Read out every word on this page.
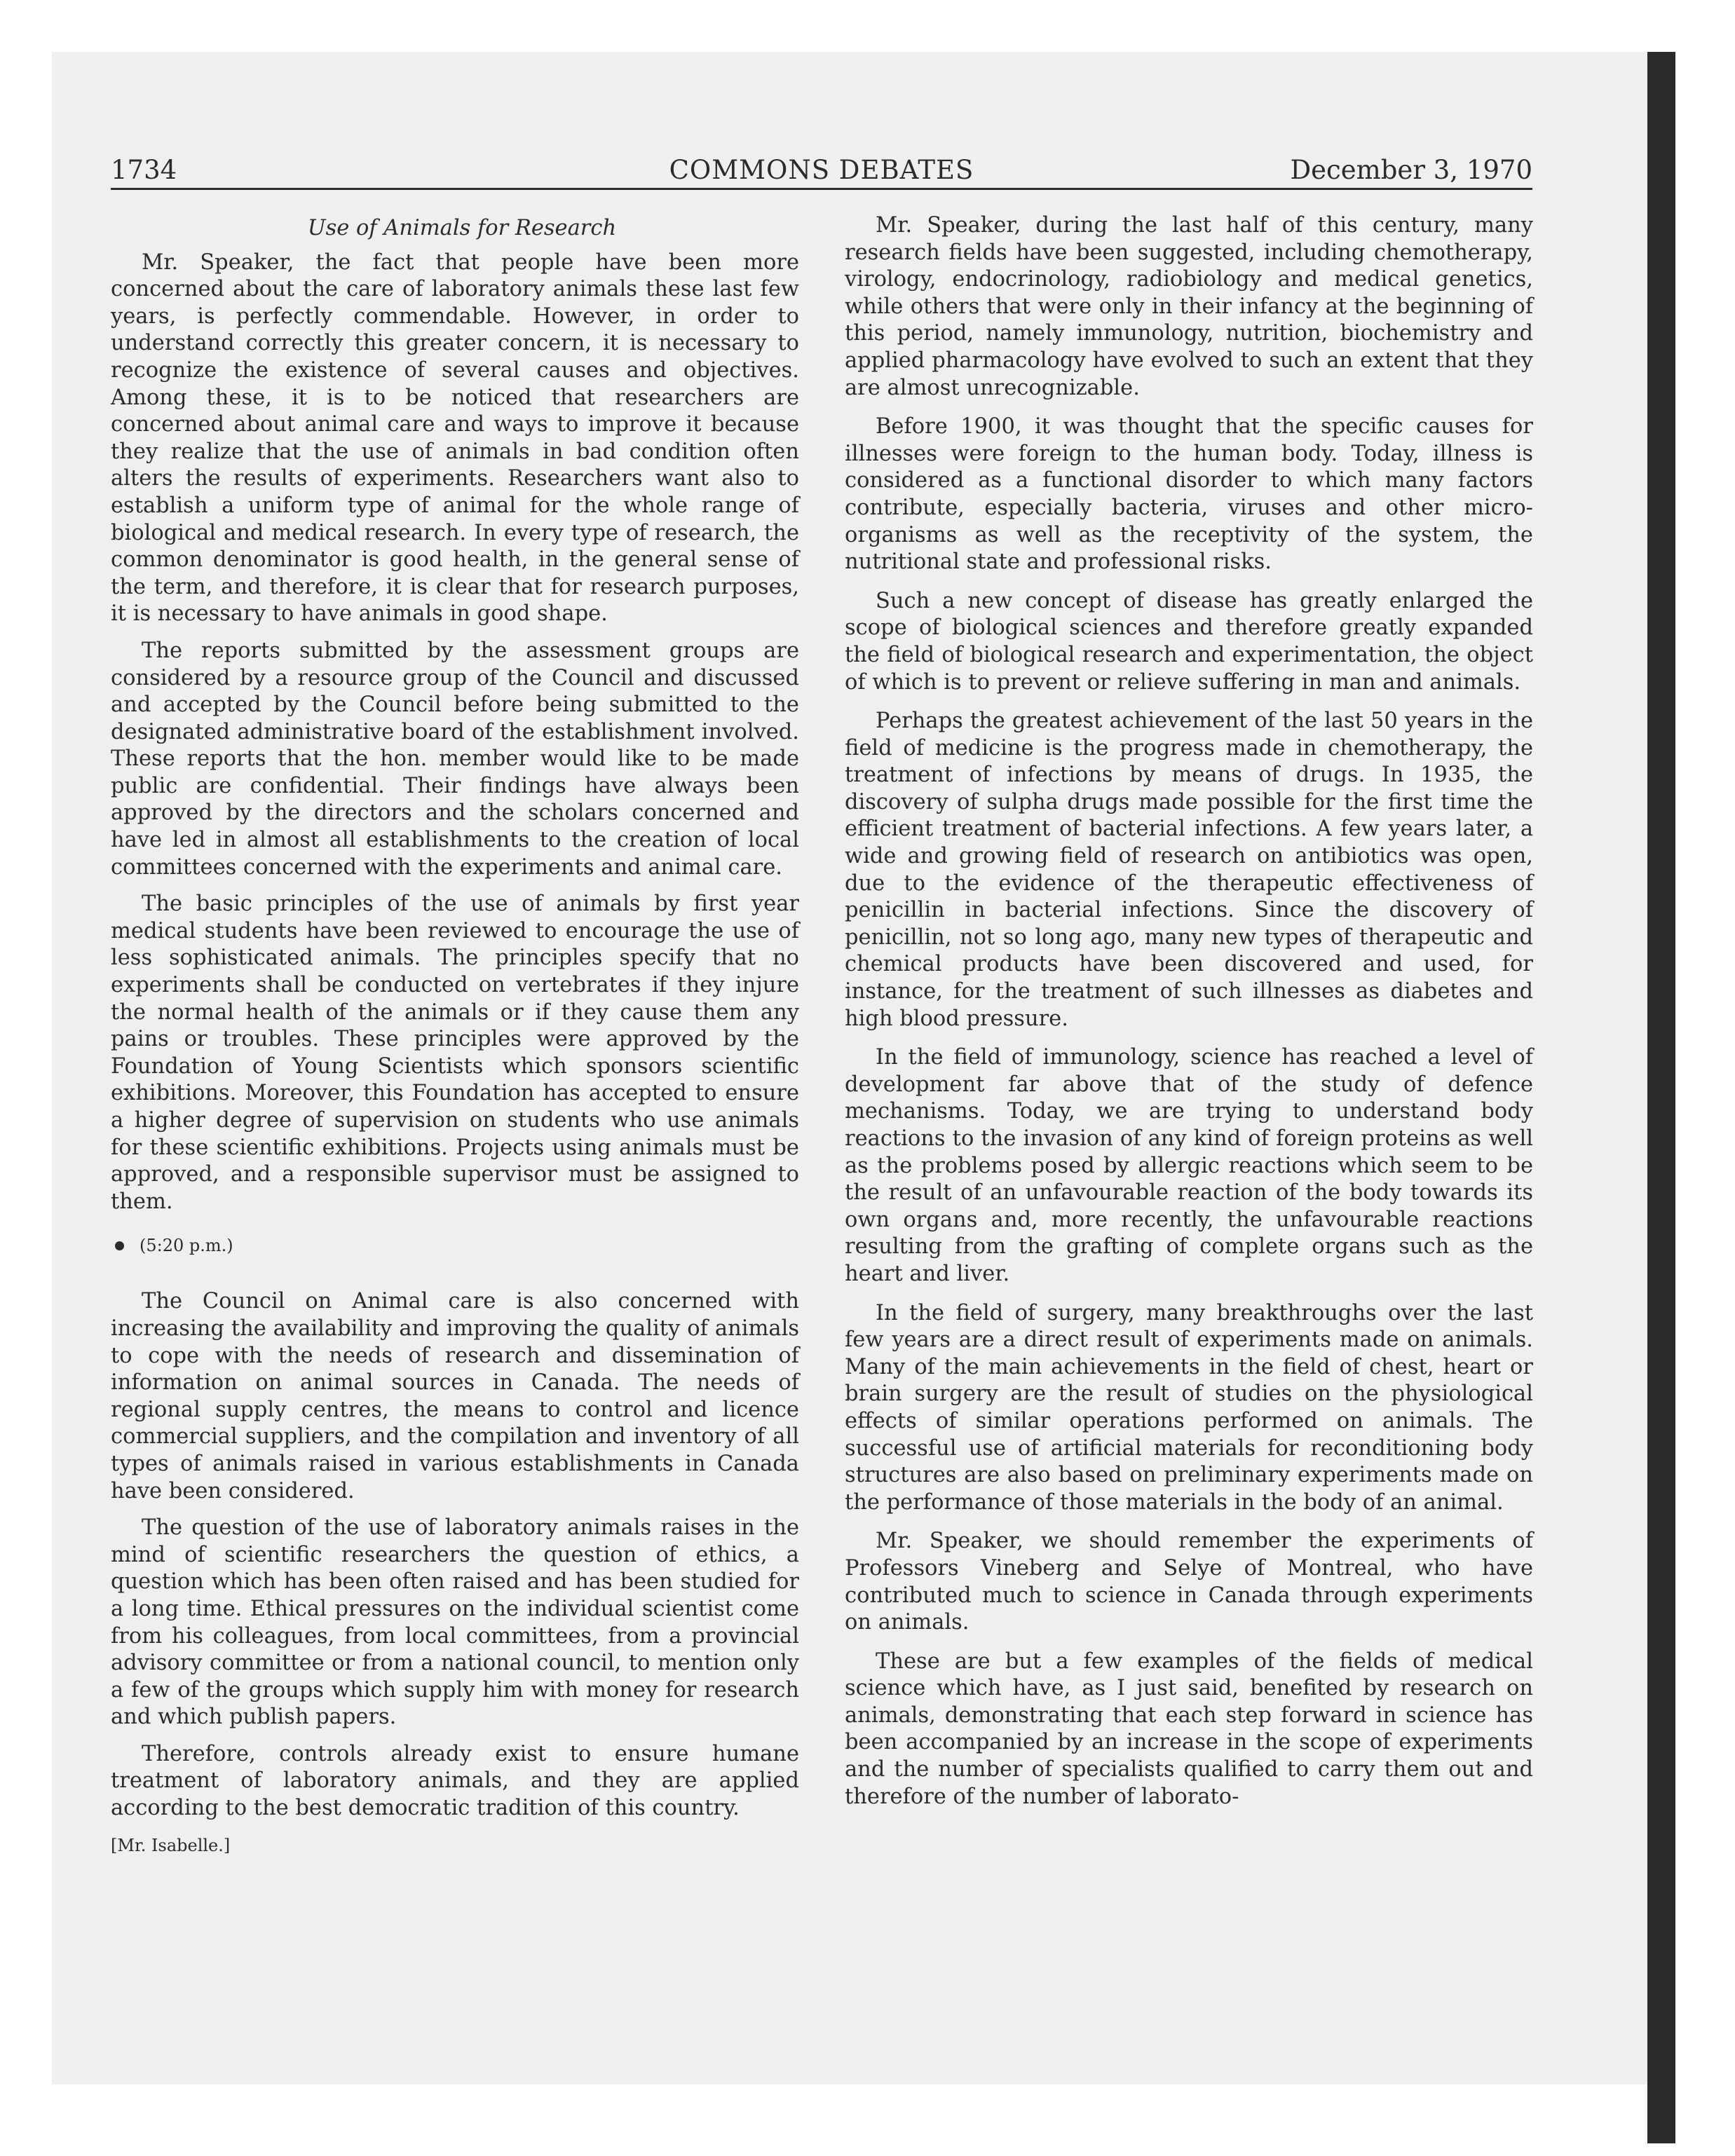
1734	COMMONS DEBATES	December 3, 1970
Use of Animals for Research

Mr. Speaker, the fact that people have been more concerned about the care of laboratory animals these last few years, is perfectly commendable. However, in order to understand correctly this greater concern, it is necessary to recognize the existence of several causes and objectives. Among these, it is to be noticed that researchers are concerned about animal care and ways to improve it because they realize that the use of animals in bad condition often alters the results of experiments. Researchers want also to establish a uniform type of animal for the whole range of biological and medical research. In every type of research, the common denominator is good health, in the general sense of the term, and therefore, it is clear that for research purposes, it is necessary to have animals in good shape.

The reports submitted by the assessment groups are considered by a resource group of the Council and discussed and accepted by the Council before being submitted to the designated administrative board of the establishment involved. These reports that the hon. member would like to be made public are confidential. Their findings have always been approved by the directors and the scholars concerned and have led in almost all establishments to the creation of local committees concerned with the experiments and animal care.

The basic principles of the use of animals by first year medical students have been reviewed to encourage the use of less sophisticated animals. The principles specify that no experiments shall be conducted on vertebrates if they injure the normal health of the animals or if they cause them any pains or troubles. These principles were approved by the Foundation of Young Scientists which sponsors scientific exhibitions. Moreover, this Foundation has accepted to ensure a higher degree of supervision on students who use animals for these scientific exhibitions. Projects using animals must be approved, and a responsible supervisor must be assigned to them.

(5:20 p.m.)

The Council on Animal care is also concerned with increasing the availability and improving the quality of animals to cope with the needs of research and dissemination of information on animal sources in Canada. The needs of regional supply centres, the means to control and licence commercial suppliers, and the compilation and inventory of all types of animals raised in various establishments in Canada have been considered.

The question of the use of laboratory animals raises in the mind of scientific researchers the question of ethics, a question which has been often raised and has been studied for a long time. Ethical pressures on the individual scientist come from his colleagues, from local committees, from a provincial advisory committee or from a national council, to mention only a few of the groups which supply him with money for research and which publish papers.

Therefore, controls already exist to ensure humane treatment of laboratory animals, and they are applied according to the best democratic tradition of this country.

[Mr. Isabelle.]

Mr. Speaker, during the last half of this century, many research fields have been suggested, including chemotherapy, virology, endocrinology, radiobiology and medical genetics, while others that were only in their infancy at the beginning of this period, namely immunology, nutrition, biochemistry and applied pharmacology have evolved to such an extent that they are almost unrecognizable.

Before 1900, it was thought that the specific causes for illnesses were foreign to the human body. Today, illness is considered as a functional disorder to which many factors contribute, especially bacteria, viruses and other micro-organisms as well as the receptivity of the system, the nutritional state and professional risks.

Such a new concept of disease has greatly enlarged the scope of biological sciences and therefore greatly expanded the field of biological research and experimentation, the object of which is to prevent or relieve suffering in man and animals.

Perhaps the greatest achievement of the last 50 years in the field of medicine is the progress made in chemotherapy, the treatment of infections by means of drugs. In 1935, the discovery of sulpha drugs made possible for the first time the efficient treatment of bacterial infections. A few years later, a wide and growing field of research on antibiotics was open, due to the evidence of the therapeutic effectiveness of penicillin in bacterial infections. Since the discovery of penicillin, not so long ago, many new types of therapeutic and chemical products have been discovered and used, for instance, for the treatment of such illnesses as diabetes and high blood pressure.

In the field of immunology, science has reached a level of development far above that of the study of defence mechanisms. Today, we are trying to understand body reactions to the invasion of any kind of foreign proteins as well as the problems posed by allergic reactions which seem to be the result of an unfavourable reaction of the body towards its own organs and, more recently, the unfavourable reactions resulting from the grafting of complete organs such as the heart and liver.

In the field of surgery, many breakthroughs over the last few years are a direct result of experiments made on animals. Many of the main achievements in the field of chest, heart or brain surgery are the result of studies on the physiological effects of similar operations performed on animals. The successful use of artificial materials for reconditioning body structures are also based on preliminary experiments made on the performance of those materials in the body of an animal.

Mr. Speaker, we should remember the experiments of Professors Vineberg and Selye of Montreal, who have contributed much to science in Canada through experiments on animals.

These are but a few examples of the fields of medical science which have, as I just said, benefited by research on animals, demonstrating that each step forward in science has been accompanied by an increase in the scope of experiments and the number of specialists qualified to carry them out and therefore of the number of laborato-
